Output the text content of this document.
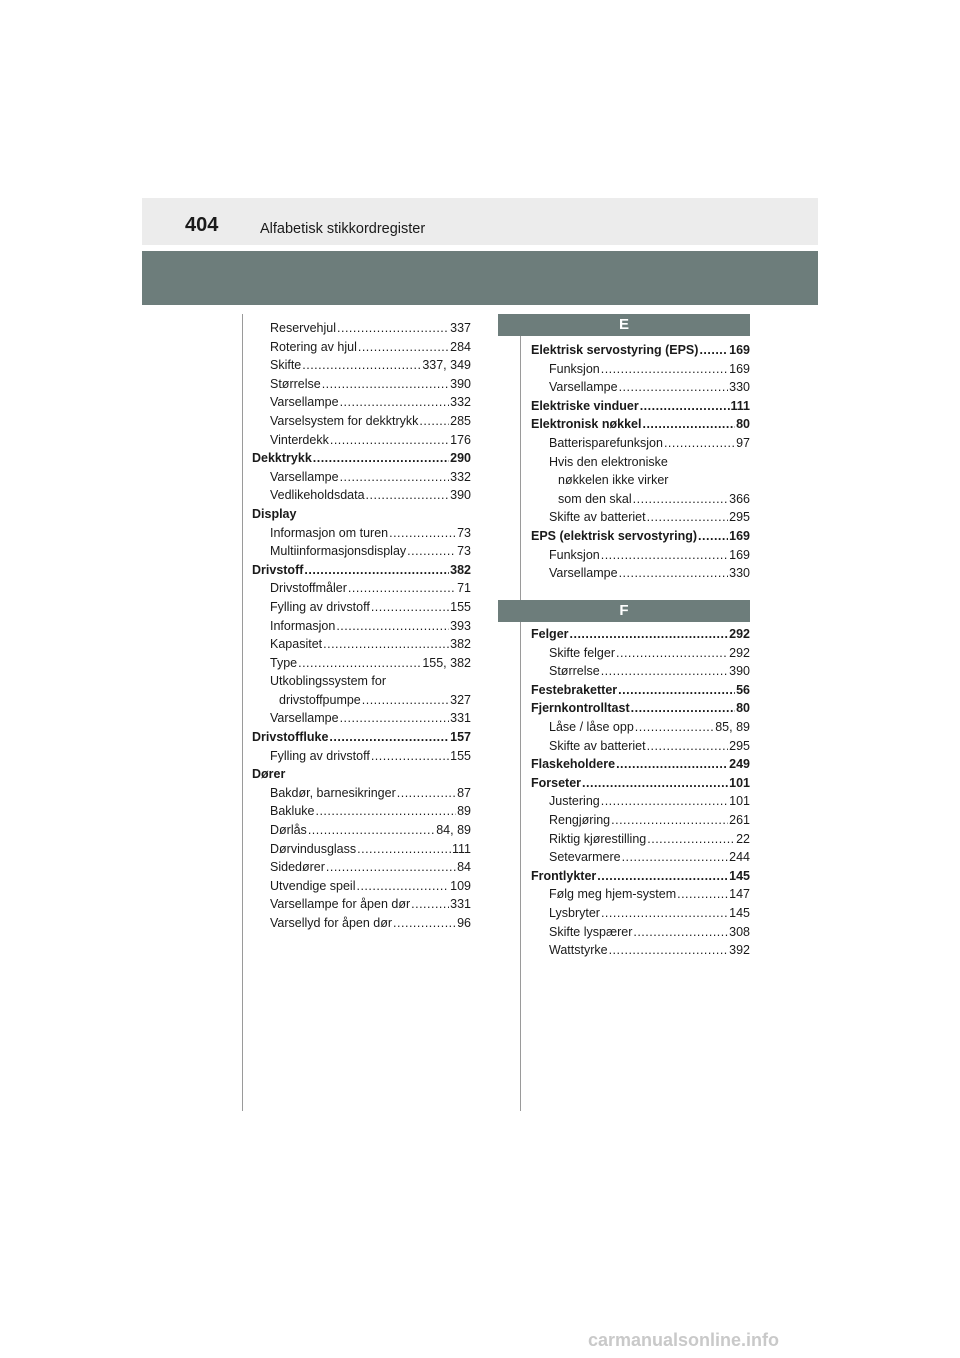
404	Alfabetisk stikkordregister
Reservehjul .....	337
Rotering av hjul .....	284
Skifte .....	337, 349
Størrelse .....	390
Varsellampe .....	332
Varselsystem for dekktrykk .....	285
Vinterdekk .....	176
Dekktrykk .....	290
Varsellampe .....	332
Vedlikeholdsdata .....	390
Display
Informasjon om turen .....	73
Multiinformasjonsdisplay .....	73
Drivstoff .....	382
Drivstoffmåler .....	71
Fylling av drivstoff .....	155
Informasjon .....	393
Kapasitet .....	382
Type .....	155, 382
Utkoblingssystem for
drivstoffpumpe .....	327
Varsellampe .....	331
Drivstoffluke .....	157
Fylling av drivstoff .....	155
Dører
Bakdør, barnesikringer .....	87
Bakluke .....	89
Dørlås .....	84, 89
Dørvindusglass .....	111
Sidedører .....	84
Utvendige speil .....	109
Varsellampe for åpen dør .....	331
Varsellyd for åpen dør .....	96
E
Elektrisk servostyring (EPS) ..... 169
Funksjon .....	169
Varsellampe .....	330
Elektriske vinduer .....	111
Elektronisk nøkkel .....	80
Batterisparefunksjon .....	97
Hvis den elektroniske
nøkkelen ikke virker
som den skal .....	366
Skifte av batteriet .....	295
EPS (elektrisk servostyring) .....	169
Funksjon .....	169
Varsellampe .....	330
F
Felger .....	292
Skifte felger .....	292
Størrelse .....	390
Festebraketter .....	56
Fjernkontrolltast .....	80
Låse / låse opp .....	85, 89
Skifte av batteriet .....	295
Flaskeholdere .....	249
Forseter .....	101
Justering .....	101
Rengjøring .....	261
Riktig kjørestilling .....	22
Setevarmere .....	244
Frontlykter .....	145
Følg meg hjem-system .....	147
Lysbryter .....	145
Skifte lyspærer .....	308
Wattstyrke .....	392
carmanualsonline.info
